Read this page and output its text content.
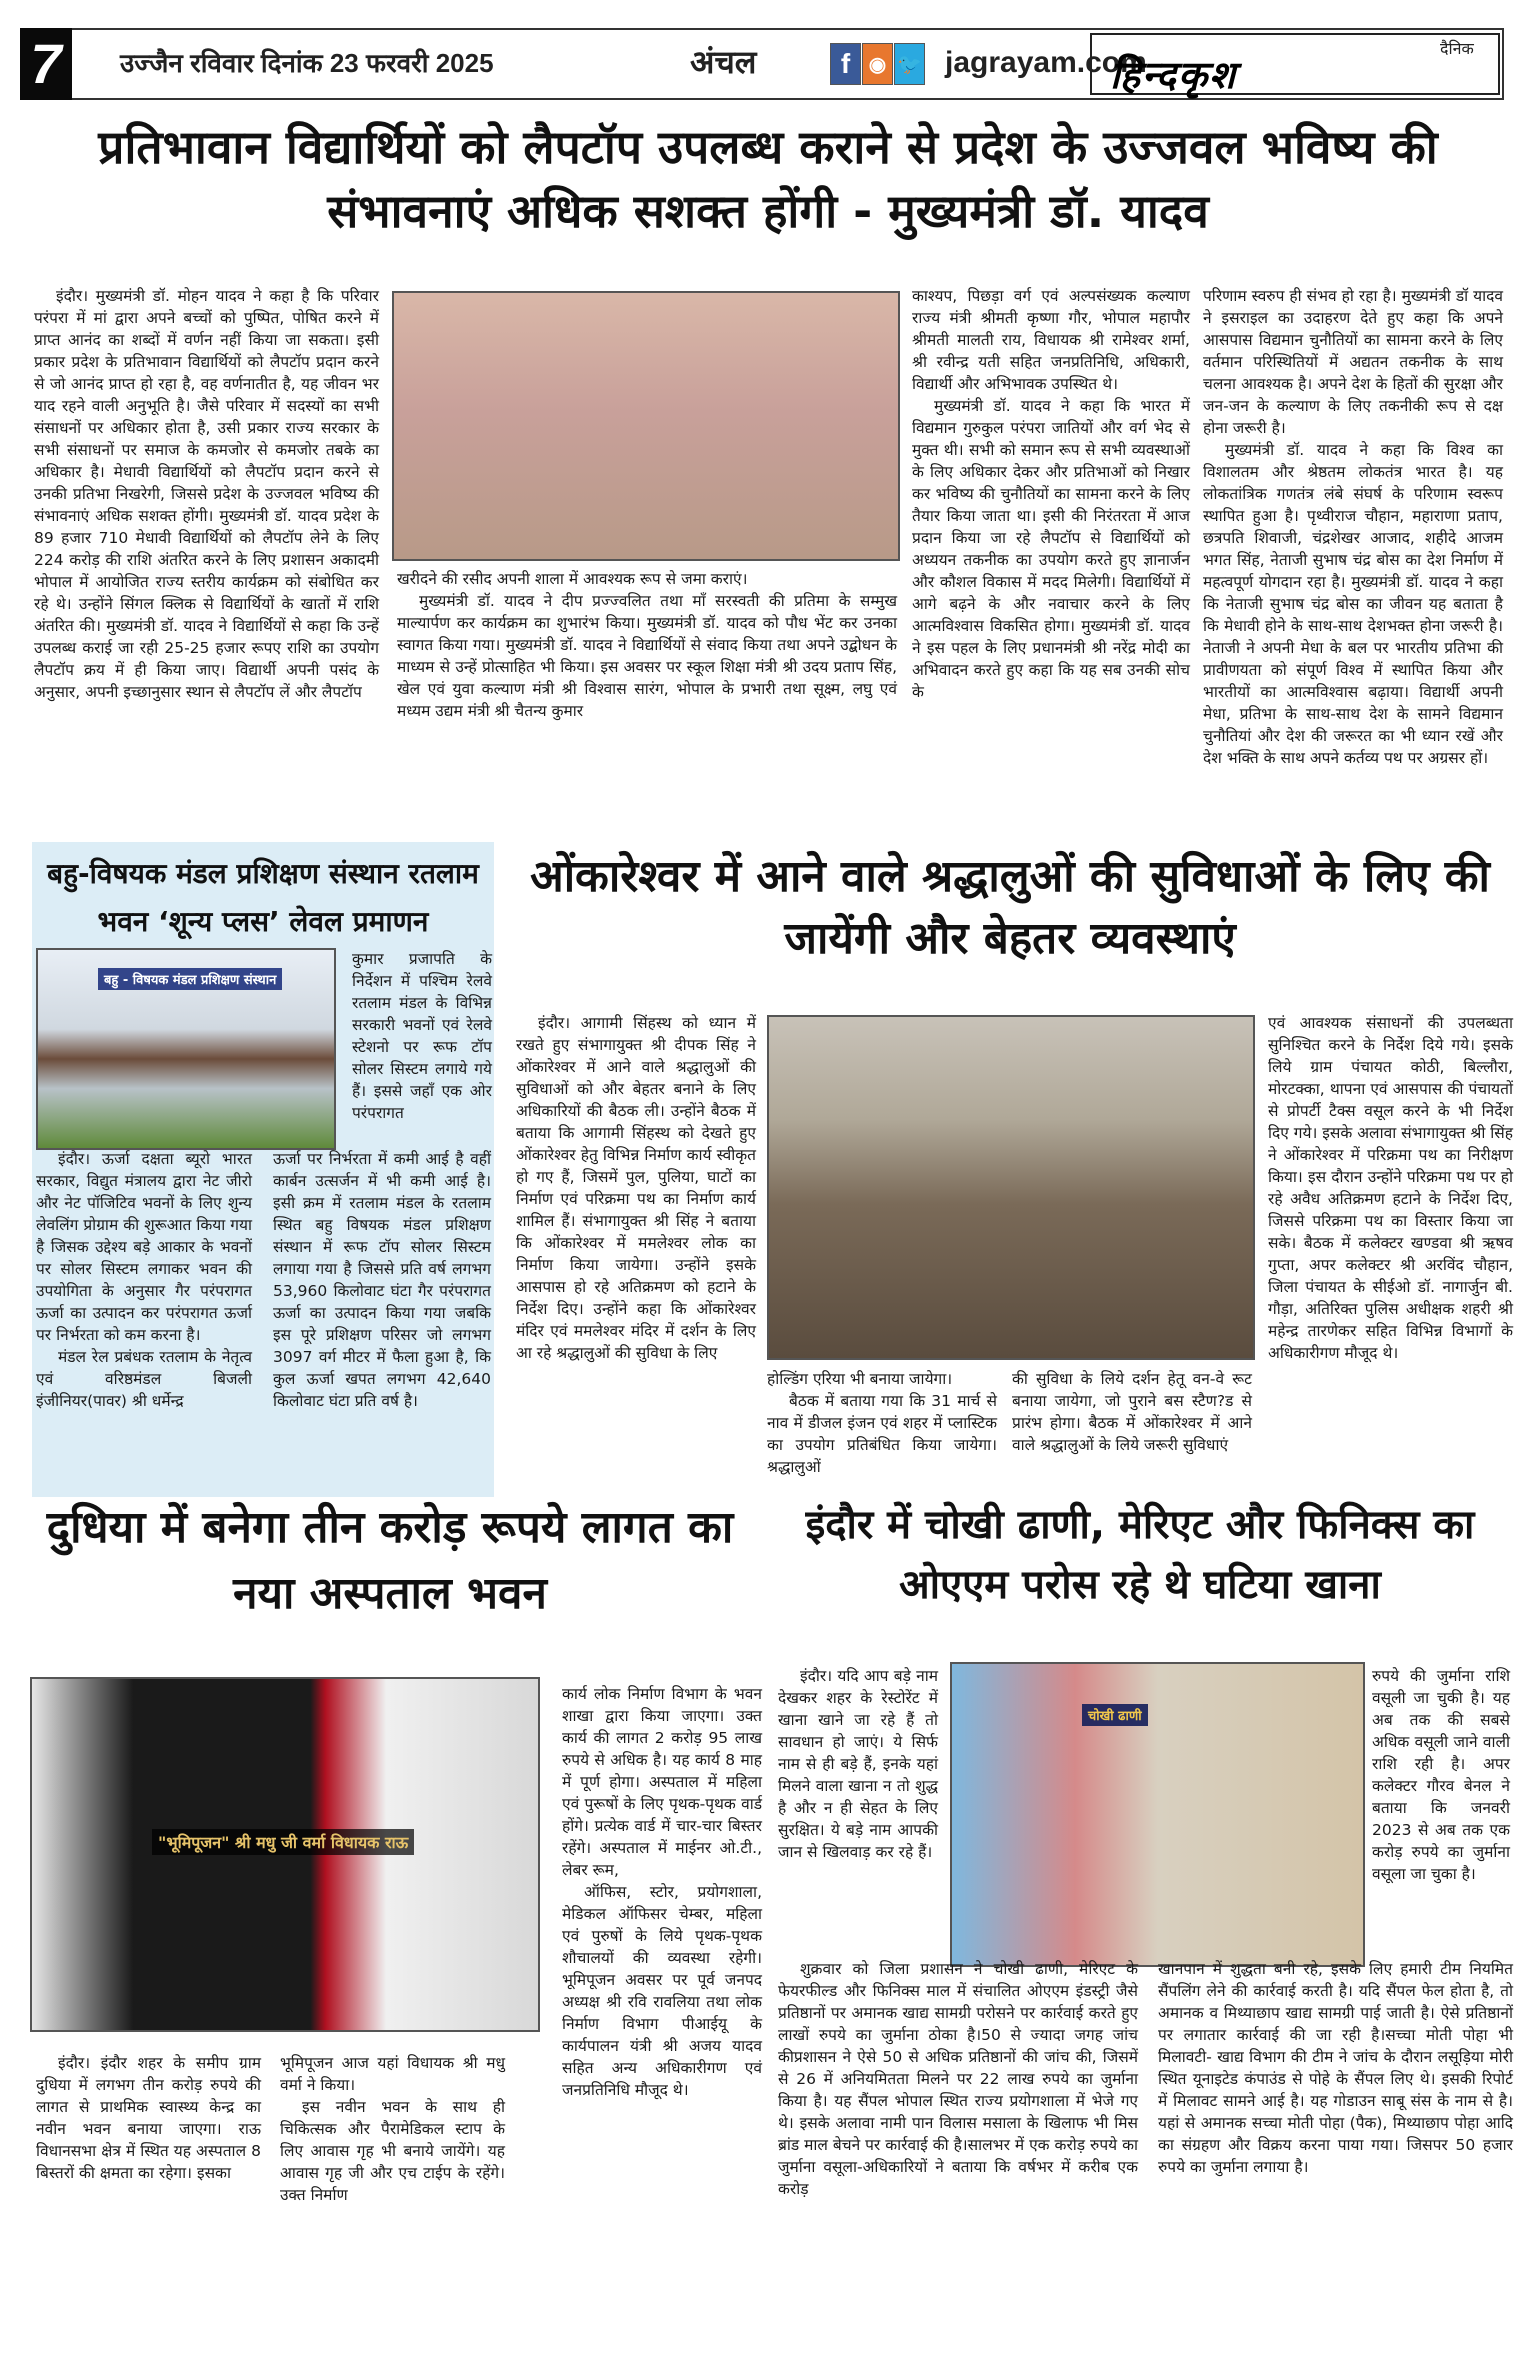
7	उज्जैन रविवार दिनांक 23 फरवरी 2025	अंचल	f ◉ 🐦 jagrayam.com	दैनिक
हिन्दकृश
प्रतिभावान विद्यार्थियों को लैपटॉप उपलब्ध कराने से प्रदेश के उज्जवल भविष्य की संभावनाएं अधिक सशक्त होंगी - मुख्यमंत्री डॉ. यादव

इंदौर। मुख्यमंत्री डॉ. मोहन यादव ने कहा है कि परिवार परंपरा में मां द्वारा अपने बच्चों को पुष्पित, पोषित करने में प्राप्त आनंद का शब्दों में वर्णन नहीं किया जा सकता। इसी प्रकार प्रदेश के प्रतिभावान विद्यार्थियों को लैपटॉप प्रदान करने से जो आनंद प्राप्त हो रहा है, वह वर्णनातीत है, यह जीवन भर याद रहने वाली अनुभूति है। जैसे परिवार में सदस्यों का सभी संसाधनों पर अधिकार होता है, उसी प्रकार राज्य सरकार के सभी संसाधनों पर समाज के कमजोर से कमजोर तबके का अधिकार है। मेधावी विद्यार्थियों को लैपटॉप प्रदान करने से उनकी प्रतिभा निखरेगी, जिससे प्रदेश के उज्जवल भविष्य की संभावनाएं अधिक सशक्त होंगी। मुख्यमंत्री डॉ. यादव प्रदेश के 89 हजार 710 मेधावी विद्यार्थियों को लैपटॉप लेने के लिए 224 करोड़ की राशि अंतरित करने के लिए प्रशासन अकादमी भोपाल में आयोजित राज्य स्तरीय कार्यक्रम को संबोधित कर रहे थे। उन्होंने सिंगल क्लिक से विद्यार्थियों के खातों में राशि अंतरित की। मुख्यमंत्री डॉ. यादव ने विद्यार्थियों से कहा कि उन्हें उपलब्ध कराई जा रही 25-25 हजार रूपए राशि का उपयोग लैपटॉप क्रय में ही किया जाए। विद्यार्थी अपनी पसंद के अनुसार, अपनी इच्छानुसार स्थान से लैपटॉप लें और लैपटॉप

खरीदने की रसीद अपनी शाला में आवश्यक रूप से जमा कराएं।

मुख्यमंत्री डॉ. यादव ने दीप प्रज्ज्वलित तथा माँ सरस्वती की प्रतिमा के सम्मुख माल्यार्पण कर कार्यक्रम का शुभारंभ किया। मुख्यमंत्री डॉ. यादव को पौध भेंट कर उनका स्वागत किया गया। मुख्यमंत्री डॉ. यादव ने विद्यार्थियों से संवाद किया तथा अपने उद्बोधन के माध्यम से उन्हें प्रोत्साहित भी किया। इस अवसर पर स्कूल शिक्षा मंत्री श्री उदय प्रताप सिंह, खेल एवं युवा कल्याण मंत्री श्री विश्वास सारंग, भोपाल के प्रभारी तथा सूक्ष्म, लघु एवं मध्यम उद्यम मंत्री श्री चैतन्य कुमार

काश्यप, पिछड़ा वर्ग एवं अल्पसंख्यक कल्याण राज्य मंत्री श्रीमती कृष्णा गौर, भोपाल महापौर श्रीमती मालती राय, विधायक श्री रामेश्वर शर्मा, श्री रवीन्द्र यती सहित जनप्रतिनिधि, अधिकारी, विद्यार्थी और अभिभावक उपस्थित थे।

मुख्यमंत्री डॉ. यादव ने कहा कि भारत में विद्यमान गुरुकुल परंपरा जातियों और वर्ग भेद से मुक्त थी। सभी को समान रूप से सभी व्यवस्थाओं के लिए अधिकार देकर और प्रतिभाओं को निखार कर भविष्य की चुनौतियों का सामना करने के लिए तैयार किया जाता था। इसी की निरंतरता में आज प्रदान किया जा रहे लैपटॉप से विद्यार्थियों को अध्ययन तकनीक का उपयोग करते हुए ज्ञानार्जन और कौशल विकास में मदद मिलेगी। विद्यार्थियों में आगे बढ़ने के और नवाचार करने के लिए आत्मविश्वास विकसित होगा। मुख्यमंत्री डॉ. यादव ने इस पहल के लिए प्रधानमंत्री श्री नरेंद्र मोदी का अभिवादन करते हुए कहा कि यह सब उनकी सोच के

परिणाम स्वरुप ही संभव हो रहा है। मुख्यमंत्री डॉ यादव ने इसराइल का उदाहरण देते हुए कहा कि अपने आसपास विद्यमान चुनौतियों का सामना करने के लिए वर्तमान परिस्थितियों में अद्यतन तकनीक के साथ चलना आवश्यक है। अपने देश के हितों की सुरक्षा और जन-जन के कल्याण के लिए तकनीकी रूप से दक्ष होना जरूरी है।

मुख्यमंत्री डॉ. यादव ने कहा कि विश्व का विशालतम और श्रेष्ठतम लोकतंत्र भारत है। यह लोकतांत्रिक गणतंत्र लंबे संघर्ष के परिणाम स्वरूप स्थापित हुआ है। पृथ्वीराज चौहान, महाराणा प्रताप, छत्रपति शिवाजी, चंद्रशेखर आजाद, शहीदे आजम भगत सिंह, नेताजी सुभाष चंद्र बोस का देश निर्माण में महत्वपूर्ण योगदान रहा है। मुख्यमंत्री डॉ. यादव ने कहा कि नेताजी सुभाष चंद्र बोस का जीवन यह बताता है कि मेधावी होने के साथ-साथ देशभक्त होना जरूरी है। नेताजी ने अपनी मेधा के बल पर भारतीय प्रतिभा की प्रावीणयता को संपूर्ण विश्व में स्थापित किया और भारतीयों का आत्मविश्वास बढ़ाया। विद्यार्थी अपनी मेधा, प्रतिभा के साथ-साथ देश के सामने विद्यमान चुनौतियां और देश की जरूरत का भी ध्यान रखें और देश भक्ति के साथ अपने कर्तव्य पथ पर अग्रसर हों।

बहु-विषयक मंडल प्रशिक्षण संस्थान रतलाम भवन ‘शून्य प्लस’ लेवल प्रमाणन
बहु - विषयक मंडल प्रशिक्षण संस्थान

कुमार प्रजापति के निर्देशन में पश्चिम रेलवे रतलाम मंडल के विभिन्न सरकारी भवनों एवं रेलवे स्टेशनो पर रूफ टॉप सोलर सिस्टम लगाये गये हैं। इससे जहाँ एक ओर परंपरागत

इंदौर। ऊर्जा दक्षता ब्यूरो भारत सरकार, विद्युत मंत्रालय द्वारा नेट जीरो और नेट पॉजिटिव भवनों के लिए शुन्य लेवलिंग प्रोग्राम की शुरूआत किया गया है जिसक उद्देश्य बड़े आकार के भवनों पर सोलर सिस्टम लगाकर भवन की उपयोगिता के अनुसार गैर परंपरागत ऊर्जा का उत्पादन कर परंपरागत ऊर्जा पर निर्भरता को कम करना है।

मंडल रेल प्रबंधक रतलाम के नेतृत्व एवं वरिष्ठमंडल बिजली इंजीनियर(पावर) श्री धर्मेन्द्र

ऊर्जा पर निर्भरता में कमी आई है वहीं कार्बन उत्सर्जन में भी कमी आई है। इसी क्रम में रतलाम मंडल के रतलाम स्थित बहु विषयक मंडल प्रशिक्षण संस्थान में रूफ टॉप सोलर सिस्टम लगाया गया है जिससे प्रति वर्ष लगभग 53,960 किलोवाट घंटा गैर परंपरागत ऊर्जा का उत्पादन किया गया जबकि इस पूरे प्रशिक्षण परिसर जो लगभग 3097 वर्ग मीटर में फैला हुआ है, कि कुल ऊर्जा खपत लगभग 42,640 किलोवाट घंटा प्रति वर्ष है।

ओंकारेश्वर में आने वाले श्रद्धालुओं की सुविधाओं के लिए की जायेंगी और बेहतर व्यवस्थाएं

इंदौर। आगामी सिंहस्थ को ध्यान में रखते हुए संभागायुक्त श्री दीपक सिंह ने ओंकारेश्वर में आने वाले श्रद्धालुओं की सुविधाओं को और बेहतर बनाने के लिए अधिकारियों की बैठक ली। उन्होंने बैठक में बताया कि आगामी सिंहस्थ को देखते हुए ओंकारेश्वर हेतु विभिन्न निर्माण कार्य स्वीकृत हो गए हैं, जिसमें पुल, पुलिया, घाटों का निर्माण एवं परिक्रमा पथ का निर्माण कार्य शामिल हैं। संभागायुक्त श्री सिंह ने बताया कि ओंकारेश्वर में ममलेश्वर लोक का निर्माण किया जायेगा। उन्होंने इसके आसपास हो रहे अतिक्रमण को हटाने के निर्देश दिए। उन्होंने कहा कि ओंकारेश्वर मंदिर एवं ममलेश्वर मंदिर में दर्शन के लिए आ रहे श्रद्धालुओं की सुविधा के लिए

होल्डिंग एरिया भी बनाया जायेगा।

बैठक में बताया गया कि 31 मार्च से नाव में डीजल इंजन एवं शहर में प्लास्टिक का उपयोग प्रतिबंधित किया जायेगा। श्रद्धालुओं

की सुविधा के लिये दर्शन हेतू वन-वे रूट बनाया जायेगा, जो पुराने बस स्टैण?ड से प्रारंभ होगा। बैठक में ओंकारेश्वर में आने वाले श्रद्धालुओं के लिये जरूरी सुविधाएं

एवं आवश्यक संसाधनों की उपलब्धता सुनिश्चित करने के निर्देश दिये गये। इसके लिये ग्राम पंचायत कोठी, बिल्लौरा, मोरटक्का, थापना एवं आसपास की पंचायतों से प्रोपर्टी टैक्स वसूल करने के भी निर्देश दिए गये। इसके अलावा संभागायुक्त श्री सिंह ने ओंकारेश्वर में परिक्रमा पथ का निरीक्षण किया। इस दौरान उन्होंने परिक्रमा पथ पर हो रहे अवैध अतिक्रमण हटाने के निर्देश दिए, जिससे परिक्रमा पथ का विस्तार किया जा सके। बैठक में कलेक्टर खण्डवा श्री ऋषव गुप्ता, अपर कलेक्टर श्री अरविंद चौहान, जिला पंचायत के सीईओ डॉ. नागार्जुन बी. गौड़ा, अतिरिक्त पुलिस अधीक्षक शहरी श्री महेन्द्र तारणेकर सहित विभिन्न विभागों के अधिकारीगण मौजूद थे।

दुधिया में बनेगा तीन करोड़ रूपये लागत का नया अस्पताल भवन
"भूमिपूजन" श्री मधु जी वर्मा विधायक राऊ

इंदौर। इंदौर शहर के समीप ग्राम दुधिया में लगभग तीन करोड़ रुपये की लागत से प्राथमिक स्वास्थ्य केन्द्र का नवीन भवन बनाया जाएगा। राऊ विधानसभा क्षेत्र में स्थित यह अस्पताल 8 बिस्तरों की क्षमता का रहेगा। इसका

भूमिपूजन आज यहां विधायक श्री मधु वर्मा ने किया।

इस नवीन भवन के साथ ही चिकित्सक और पैरामेडिकल स्टाप के लिए आवास गृह भी बनाये जायेंगे। यह आवास गृह जी और एच टाईप के रहेंगे। उक्त निर्माण

कार्य लोक निर्माण विभाग के भवन शाखा द्वारा किया जाएगा। उक्त कार्य की लागत 2 करोड़ 95 लाख रुपये से अधिक है। यह कार्य 8 माह में पूर्ण होगा। अस्पताल में महिला एवं पुरूषों के लिए पृथक-पृथक वार्ड होंगे। प्रत्येक वार्ड में चार-चार बिस्तर रहेंगे। अस्पताल में माईनर ओ.टी., लेबर रूम,

ऑफिस, स्टोर, प्रयोगशाला, मेडिकल ऑफिसर चेम्बर, महिला एवं पुरुषों के लिये पृथक-पृथक शौचालयों की व्यवस्था रहेगी। भूमिपूजन अवसर पर पूर्व जनपद अध्यक्ष श्री रवि रावलिया तथा लोक निर्माण विभाग पीआईयू के कार्यपालन यंत्री श्री अजय यादव सहित अन्य अधिकारीगण एवं जनप्रतिनिधि मौजूद थे।

इंदौर में चोखी ढाणी, मेरिएट और फिनिक्स का ओएएम परोस रहे थे घटिया खाना

इंदौर। यदि आप बड़े नाम देखकर शहर के रेस्टोरेंट में खाना खाने जा रहे हैं तो सावधान हो जाएं। ये सिर्फ नाम से ही बड़े हैं, इनके यहां मिलने वाला खाना न तो शुद्ध है और न ही सेहत के लिए सुरक्षित। ये बड़े नाम आपकी जान से खिलवाड़ कर रहे हैं।

चोखी ढाणी

रुपये की जुर्माना राशि वसूली जा चुकी है। यह अब तक की सबसे अधिक वसूली जाने वाली राशि रही है। अपर कलेक्टर गौरव बेनल ने बताया कि जनवरी 2023 से अब तक एक करोड़ रुपये का जुर्माना वसूला जा चुका है।

शुक्रवार को जिला प्रशासन ने चोखी ढाणी, मेरिएट के फेयरफील्ड और फिनिक्स माल में संचालित ओएएम इंडस्ट्री जैसे प्रतिष्ठानों पर अमानक खाद्य सामग्री परोसने पर कार्रवाई करते हुए लाखों रुपये का जुर्माना ठोका है।50 से ज्यादा जगह जांच कीप्रशासन ने ऐसे 50 से अधिक प्रतिष्ठानों की जांच की, जिसमें से 26 में अनियमितता मिलने पर 22 लाख रुपये का जुर्माना किया है। यह सैंपल भोपाल स्थित राज्य प्रयोगशाला में भेजे गए थे। इसके अलावा नामी पान विलास मसाला के खिलाफ भी मिस ब्रांड माल बेचने पर कार्रवाई की है।सालभर में एक करोड़ रुपये का जुर्माना वसूला-अधिकारियों ने बताया कि वर्षभर में करीब एक करोड़

खानपान में शुद्धता बनी रहे, इसके लिए हमारी टीम नियमित सैंपलिंग लेने की कार्रवाई करती है। यदि सैंपल फेल होता है, तो अमानक व मिथ्याछाप खाद्य सामग्री पाई जाती है। ऐसे प्रतिष्ठानों पर लगातार कार्रवाई की जा रही है।सच्चा मोती पोहा भी मिलावटी- खाद्य विभाग की टीम ने जांच के दौरान लसूड़िया मोरी स्थित यूनाइटेड कंपाउंड से पोहे के सैंपल लिए थे। इसकी रिपोर्ट में मिलावट सामने आई है। यह गोडाउन साबू संस के नाम से है। यहां से अमानक सच्चा मोती पोहा (पैक), मिथ्याछाप पोहा आदि का संग्रहण और विक्रय करना पाया गया। जिसपर 50 हजार रुपये का जुर्माना लगाया है।
